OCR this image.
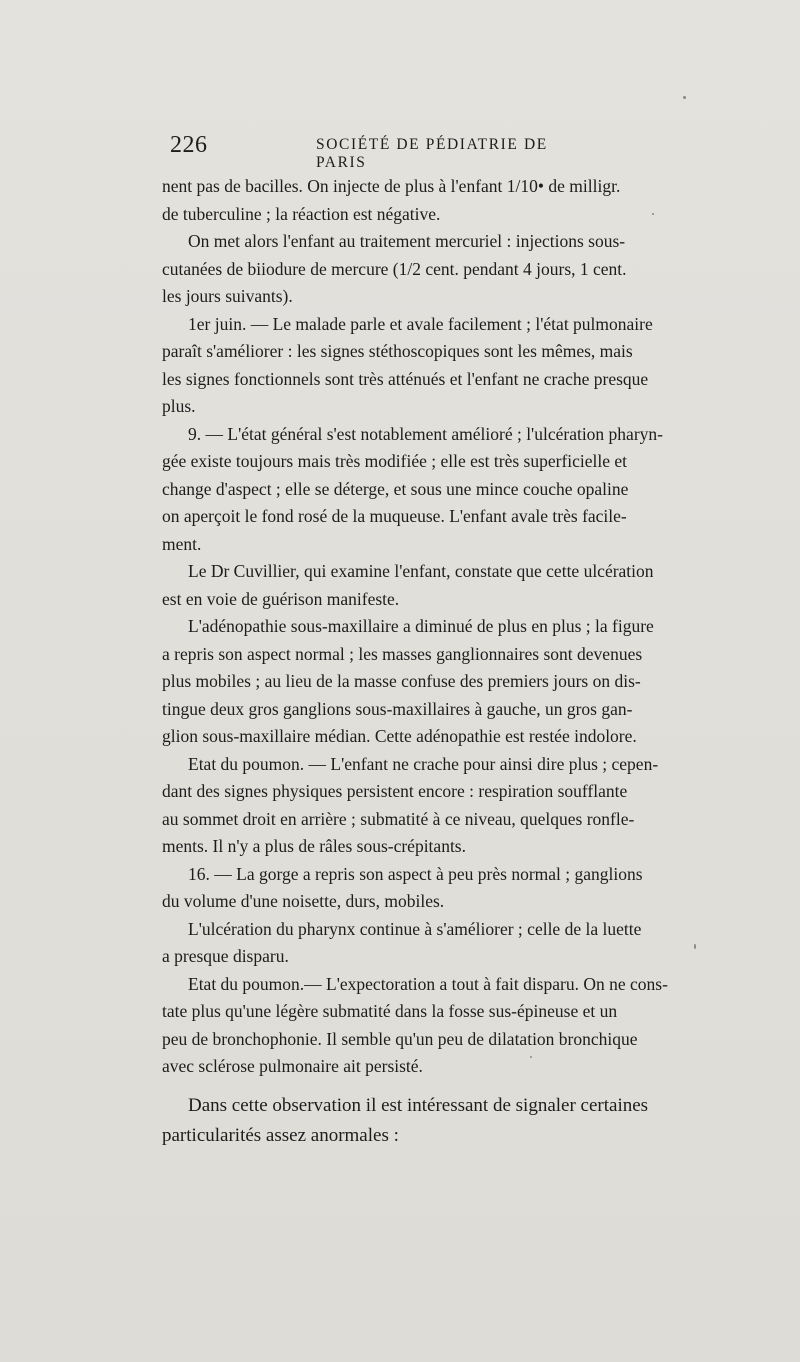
226	SOCIÉTÉ DE PÉDIATRIE DE PARIS
nent pas de bacilles. On injecte de plus à l'enfant 1/10• de milligr.
de tuberculine ; la réaction est négative.
On met alors l'enfant au traitement mercuriel : injections sous-
cutanées de biiodure de mercure (1/2 cent. pendant 4 jours, 1 cent.
les jours suivants).
1er juin. — Le malade parle et avale facilement ; l'état pulmonaire
paraît s'améliorer : les signes stéthoscopiques sont les mêmes, mais
les signes fonctionnels sont très atténués et l'enfant ne crache presque
plus.
9. — L'état général s'est notablement amélioré ; l'ulcération pharyn-
gée existe toujours mais très modifiée ; elle est très superficielle et
change d'aspect ; elle se déterge, et sous une mince couche opaline
on aperçoit le fond rosé de la muqueuse. L'enfant avale très facile-
ment.
Le Dr Cuvillier, qui examine l'enfant, constate que cette ulcération
est en voie de guérison manifeste.
L'adénopathie sous-maxillaire a diminué de plus en plus ; la figure
a repris son aspect normal ; les masses ganglionnaires sont devenues
plus mobiles ; au lieu de la masse confuse des premiers jours on dis-
tingue deux gros ganglions sous-maxillaires à gauche, un gros gan-
glion sous-maxillaire médian. Cette adénopathie est restée indolore.
Etat du poumon. — L'enfant ne crache pour ainsi dire plus ; cepen-
dant des signes physiques persistent encore : respiration soufflante
au sommet droit en arrière ; submatité à ce niveau, quelques ronfle-
ments. Il n'y a plus de râles sous-crépitants.
16. — La gorge a repris son aspect à peu près normal ; ganglions
du volume d'une noisette, durs, mobiles.
L'ulcération du pharynx continue à s'améliorer ; celle de la luette
a presque disparu.
Etat du poumon.— L'expectoration a tout à fait disparu. On ne cons-
tate plus qu'une légère submatité dans la fosse sus-épineuse et un
peu de bronchophonie. Il semble qu'un peu de dilatation bronchique
avec sclérose pulmonaire ait persisté.
Dans cette observation il est intéressant de signaler certaines
particularités assez anormales :
